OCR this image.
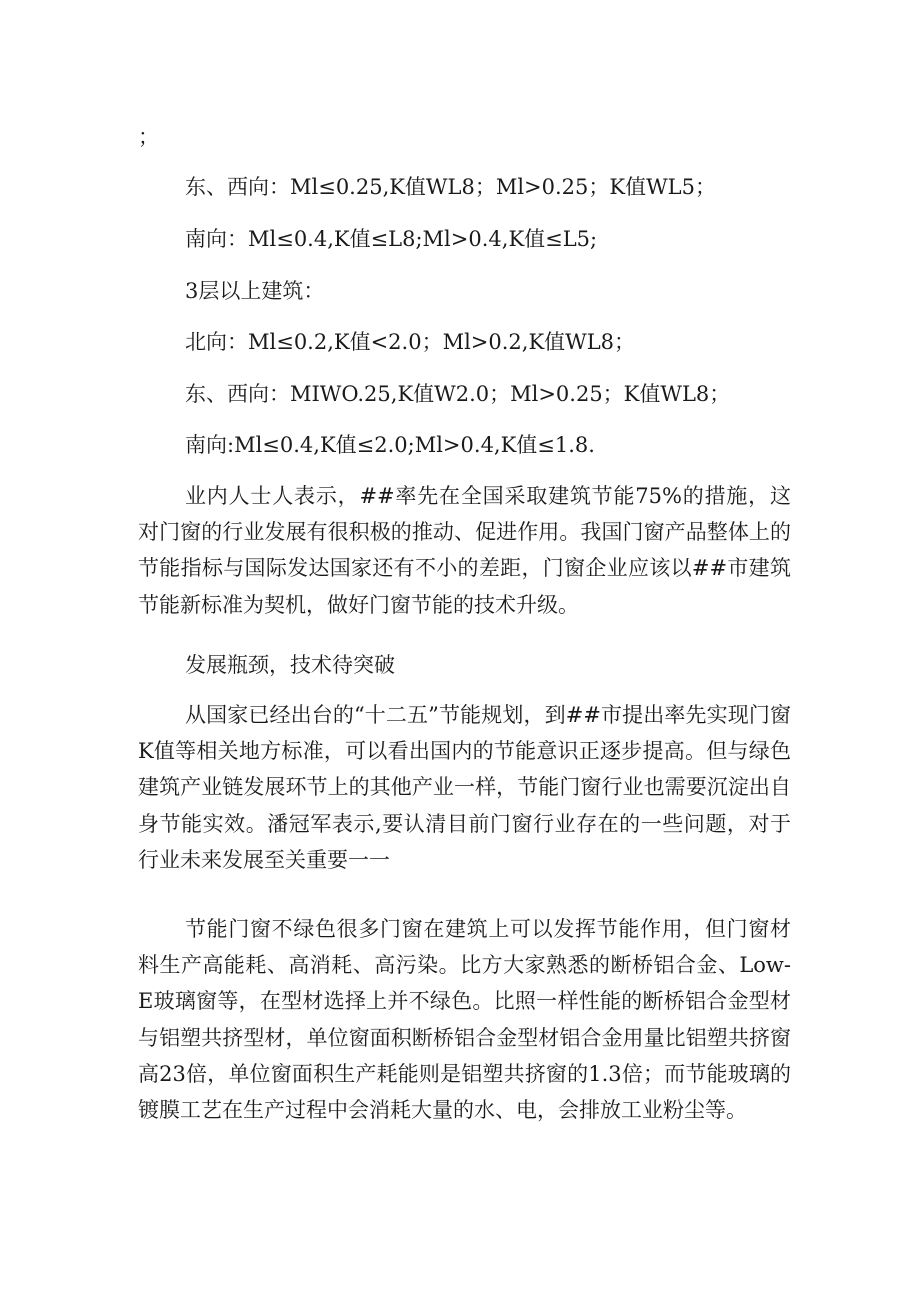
；

东、西向：Ml≤0.25,K值WL8；Ml>0.25；K值WL5；

南向：Ml≤0.4,K值≤L8;Ml>0.4,K值≤L5;

3层以上建筑：

北向：Ml≤0.2,K值<2.0；Ml>0.2,K值WL8；

东、西向：MIWO.25,K值W2.0；Ml>0.25；K值WL8；

南向:Ml≤0.4,K值≤2.0;Ml>0.4,K值≤1.8.

业内人士人表示，##率先在全国采取建筑节能75%的措施，这对门窗的行业发展有很积极的推动、促进作用。我国门窗产品整体上的节能指标与国际发达国家还有不小的差距，门窗企业应该以##市建筑节能新标准为契机，做好门窗节能的技术升级。

发展瓶颈，技术待突破

从国家已经出台的“十二五”节能规划，到##市提出率先实现门窗K值等相关地方标准，可以看出国内的节能意识正逐步提高。但与绿色建筑产业链发展环节上的其他产业一样，节能门窗行业也需要沉淀出自身节能实效。潘冠军表示,要认清目前门窗行业存在的一些问题，对于行业未来发展至关重要一一

节能门窗不绿色很多门窗在建筑上可以发挥节能作用，但门窗材料生产高能耗、高消耗、高污染。比方大家熟悉的断桥铝合金、Low-E玻璃窗等，在型材选择上并不绿色。比照一样性能的断桥铝合金型材与铝塑共挤型材，单位窗面积断桥铝合金型材铝合金用量比铝塑共挤窗高23倍，单位窗面积生产耗能则是铝塑共挤窗的1.3倍；而节能玻璃的镀膜工艺在生产过程中会消耗大量的水、电，会排放工业粉尘等。
